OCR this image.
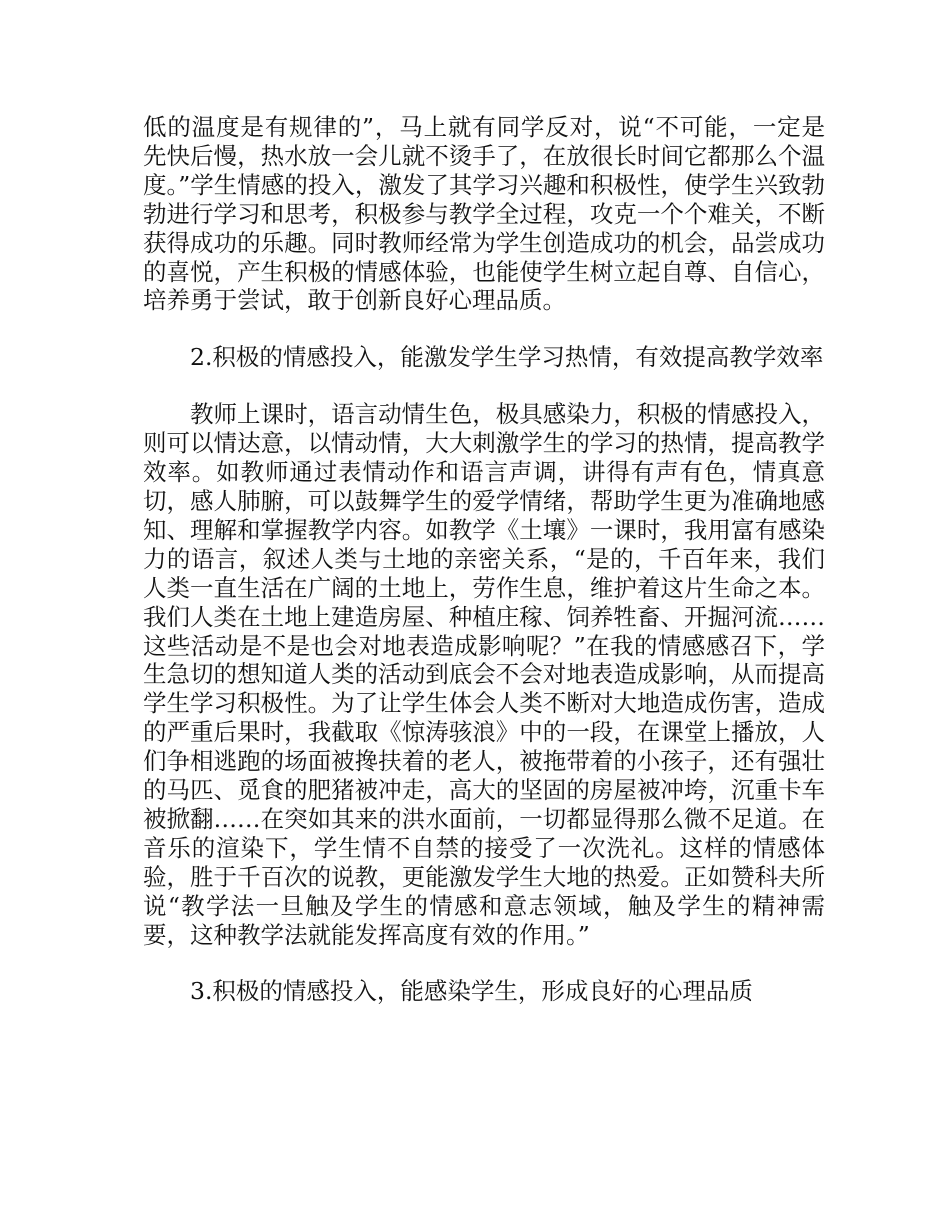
低的温度是有规律的”，马上就有同学反对，说“不可能，一定是先快后慢，热水放一会儿就不烫手了，在放很长时间它都那么个温度。”学生情感的投入，激发了其学习兴趣和积极性，使学生兴致勃勃进行学习和思考，积极参与教学全过程，攻克一个个难关，不断获得成功的乐趣。同时教师经常为学生创造成功的机会，品尝成功的喜悦，产生积极的情感体验，也能使学生树立起自尊、自信心，培养勇于尝试，敢于创新良好心理品质。

2.积极的情感投入，能激发学生学习热情，有效提高教学效率

教师上课时，语言动情生色，极具感染力，积极的情感投入，则可以情达意，以情动情，大大刺激学生的学习的热情，提高教学效率。如教师通过表情动作和语言声调，讲得有声有色，情真意切，感人肺腑，可以鼓舞学生的爱学情绪，帮助学生更为准确地感知、理解和掌握教学内容。如教学《土壤》一课时，我用富有感染力的语言，叙述人类与土地的亲密关系，“是的，千百年来，我们人类一直生活在广阔的土地上，劳作生息，维护着这片生命之本。我们人类在土地上建造房屋、种植庄稼、饲养牲畜、开掘河流……这些活动是不是也会对地表造成影响呢？”在我的情感感召下，学生急切的想知道人类的活动到底会不会对地表造成影响，从而提高学生学习积极性。为了让学生体会人类不断对大地造成伤害，造成的严重后果时，我截取《惊涛骇浪》中的一段，在课堂上播放，人们争相逃跑的场面被搀扶着的老人，被拖带着的小孩子，还有强壮的马匹、觅食的肥猪被冲走，高大的坚固的房屋被冲垮，沉重卡车被掀翻……在突如其来的洪水面前，一切都显得那么微不足道。在音乐的渲染下，学生情不自禁的接受了一次洗礼。这样的情感体验，胜于千百次的说教，更能激发学生大地的热爱。正如赞科夫所说“教学法一旦触及学生的情感和意志领域，触及学生的精神需要，这种教学法就能发挥高度有效的作用。”

3.积极的情感投入，能感染学生，形成良好的心理品质
